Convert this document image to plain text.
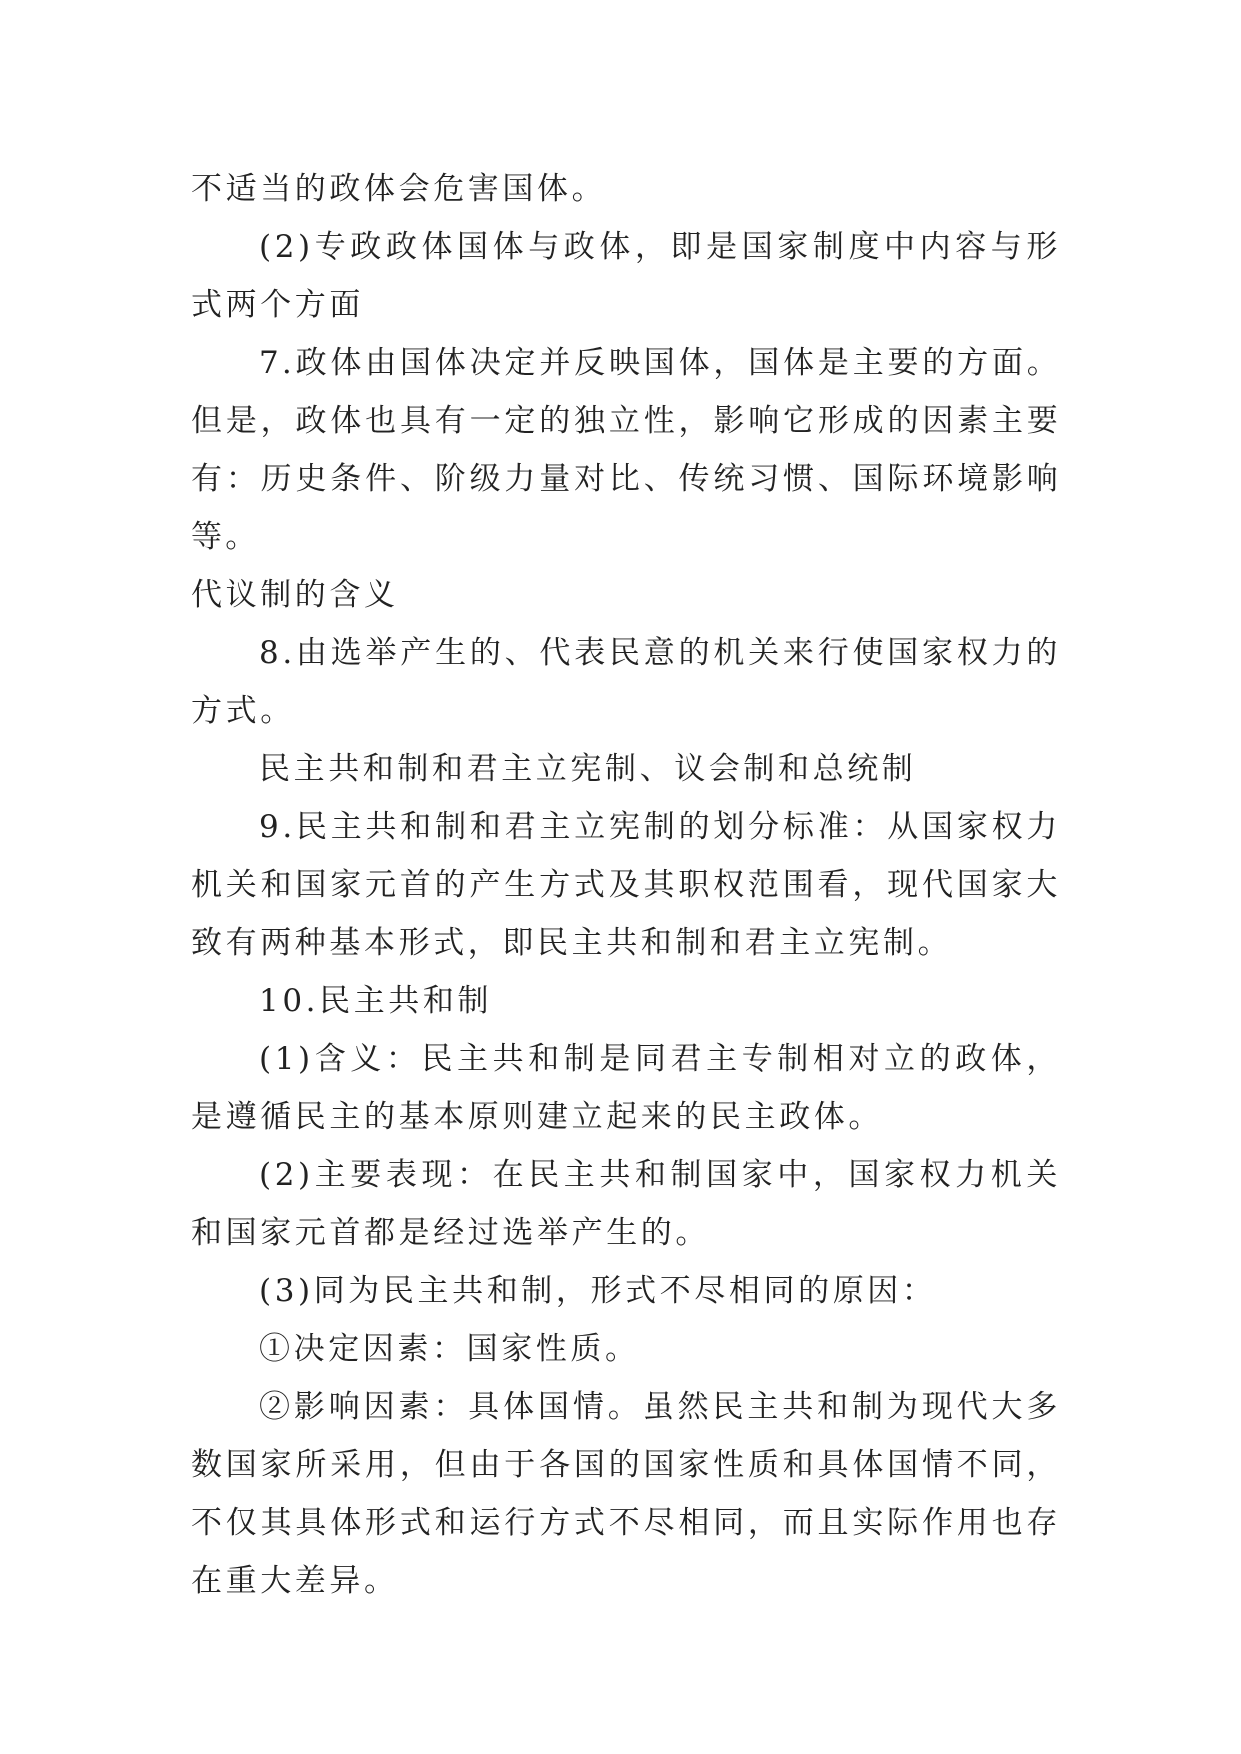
不适当的政体会危害国体。

(2)专政政体国体与政体，即是国家制度中内容与形式两个方面

7.政体由国体决定并反映国体，国体是主要的方面。但是，政体也具有一定的独立性，影响它形成的因素主要有：历史条件、阶级力量对比、传统习惯、国际环境影响等。

代议制的含义

8.由选举产生的、代表民意的机关来行使国家权力的方式。

民主共和制和君主立宪制、议会制和总统制

9.民主共和制和君主立宪制的划分标准：从国家权力机关和国家元首的产生方式及其职权范围看，现代国家大致有两种基本形式，即民主共和制和君主立宪制。

10.民主共和制

(1)含义：民主共和制是同君主专制相对立的政体，是遵循民主的基本原则建立起来的民主政体。

(2)主要表现：在民主共和制国家中，国家权力机关和国家元首都是经过选举产生的。

(3)同为民主共和制，形式不尽相同的原因：

①决定因素：国家性质。

②影响因素：具体国情。虽然民主共和制为现代大多数国家所采用，但由于各国的国家性质和具体国情不同，不仅其具体形式和运行方式不尽相同，而且实际作用也存在重大差异。
